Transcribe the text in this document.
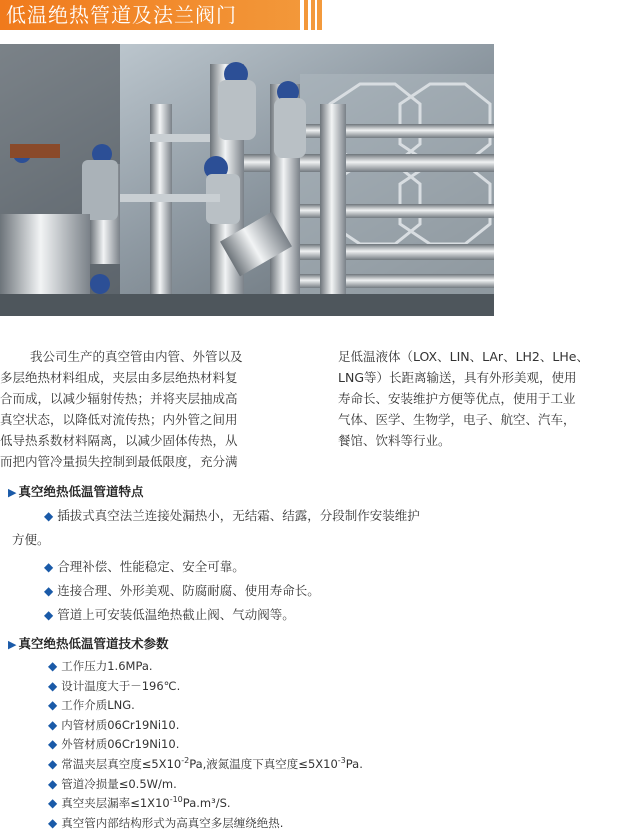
低温绝热管道及法兰阀门
我公司生产的真空管由内管、外管以及
多层绝热材料组成，夹层由多层绝热材料复
合而成，以减少辐射传热；并将夹层抽成高
真空状态，以降低对流传热；内外管之间用
低导热系数材料隔离，以减少固体传热，从
而把内管冷量损失控制到最低限度，充分满
足低温液体（LOX、LIN、LAr、LH2、LHe、
LNG等）长距离输送，具有外形美观，使用
寿命长、安装维护方便等优点，使用于工业
气体、医学、生物学，电子、航空、汽车，
餐馆、饮料等行业。
▶ 真空绝热低温管道特点
◆ 插拔式真空法兰连接处漏热小，无结霜、结露，分段制作安装维护
方便。
◆ 合理补偿、性能稳定、安全可靠。
◆ 连接合理、外形美观、防腐耐腐、使用寿命长。
◆ 管道上可安装低温绝热截止阀、气动阀等。
▶ 真空绝热低温管道技术参数
◆ 工作压力1.6MPa.
◆ 设计温度大于－196℃.
◆ 工作介质LNG.
◆ 内管材质06Cr19Ni10.
◆ 外管材质06Cr19Ni10.
◆ 常温夹层真空度$\le 5X10^{-2}Pa$,液氮温度下真空度$\le 5X10^{-3}Pa$.
◆ 管道冷损量≤0.5W/m.
◆ 真空夹层漏率$\le 1X10^{-10}Pa.m^3/S$.
◆ 真空管内部结构形式为高真空多层缠绕绝热.
